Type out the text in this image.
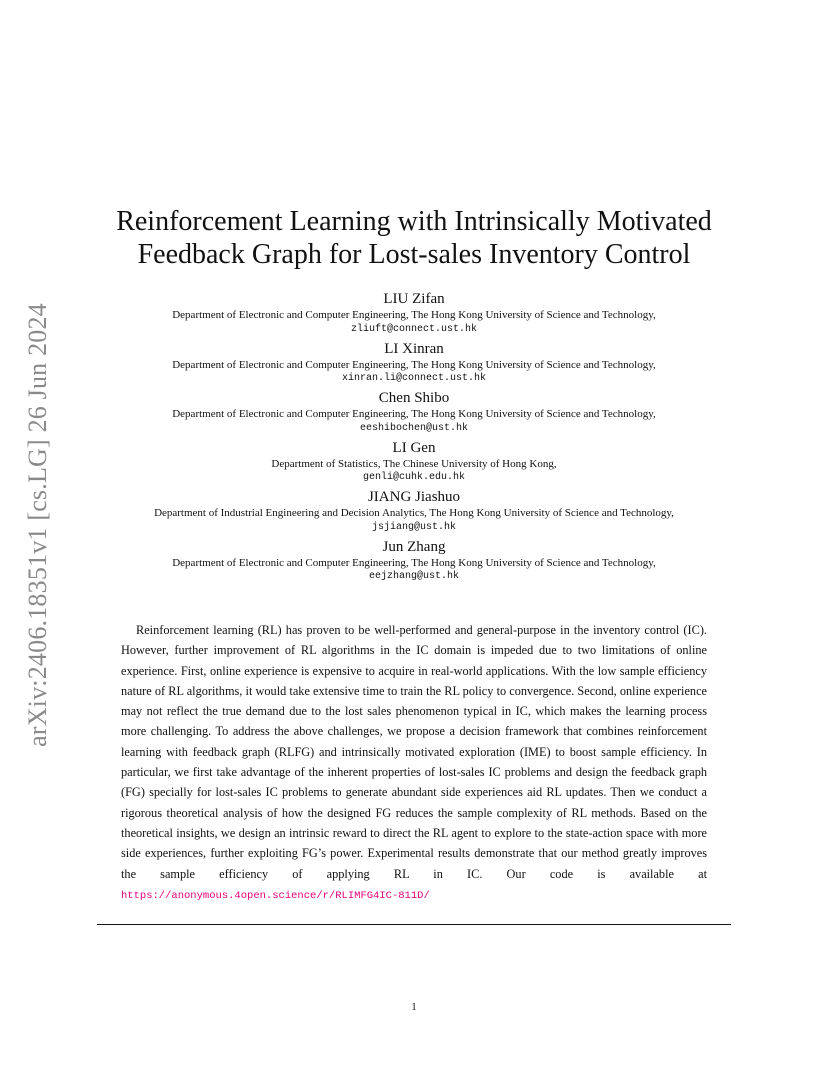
arXiv:2406.18351v1 [cs.LG] 26 Jun 2024
Reinforcement Learning with Intrinsically Motivated
Feedback Graph for Lost-sales Inventory Control
LIU Zifan
Department of Electronic and Computer Engineering, The Hong Kong University of Science and Technology,
zliuft@connect.ust.hk
LI Xinran
Department of Electronic and Computer Engineering, The Hong Kong University of Science and Technology,
xinran.li@connect.ust.hk
Chen Shibo
Department of Electronic and Computer Engineering, The Hong Kong University of Science and Technology,
eeshibochen@ust.hk
LI Gen
Department of Statistics, The Chinese University of Hong Kong,
genli@cuhk.edu.hk
JIANG Jiashuo
Department of Industrial Engineering and Decision Analytics, The Hong Kong University of Science and Technology,
jsjiang@ust.hk
Jun Zhang
Department of Electronic and Computer Engineering, The Hong Kong University of Science and Technology,
eejzhang@ust.hk

Reinforcement learning (RL) has proven to be well-performed and general-purpose in the inventory control (IC). However, further improvement of RL algorithms in the IC domain is impeded due to two limitations of online experience. First, online experience is expensive to acquire in real-world applications. With the low sample efficiency nature of RL algorithms, it would take extensive time to train the RL policy to convergence. Second, online experience may not reflect the true demand due to the lost sales phenomenon typical in IC, which makes the learning process more challenging. To address the above challenges, we propose a decision framework that combines reinforcement learning with feedback graph (RLFG) and intrinsically motivated exploration (IME) to boost sample efficiency. In particular, we first take advantage of the inherent properties of lost-sales IC problems and design the feedback graph (FG) specially for lost-sales IC problems to generate abundant side experiences aid RL updates. Then we conduct a rigorous theoretical analysis of how the designed FG reduces the sample complexity of RL methods. Based on the theoretical insights, we design an intrinsic reward to direct the RL agent to explore to the state-action space with more side experiences, further exploiting FG’s power. Experimental results demonstrate that our method greatly improves the sample efficiency of applying RL in IC. Our code is available at https://anonymous.4open.science/r/RLIMFG4IC-811D/

1
